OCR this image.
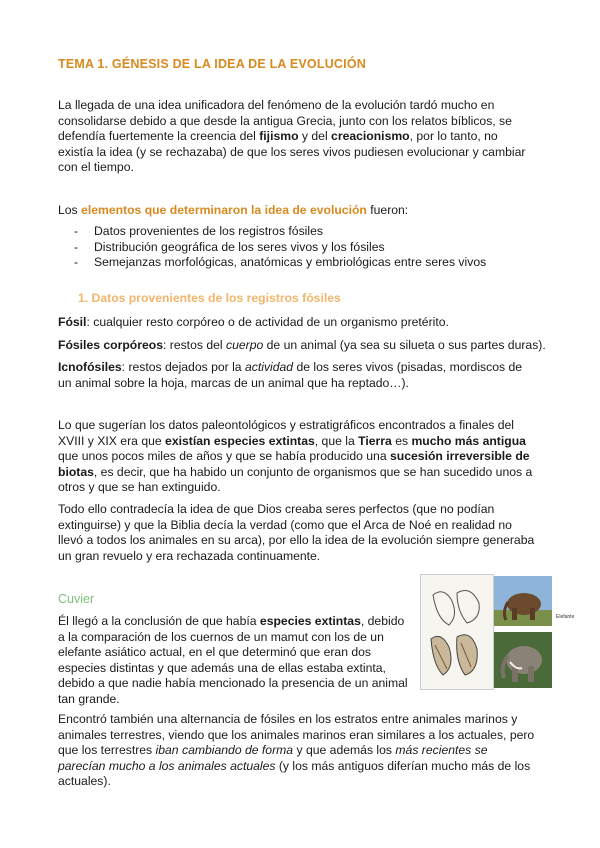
TEMA 1. GÉNESIS DE LA IDEA DE LA EVOLUCIÓN
La llegada de una idea unificadora del fenómeno de la evolución tardó mucho en consolidarse debido a que desde la antigua Grecia, junto con los relatos bíblicos, se defendía fuertemente la creencia del fijismo y del creacionismo, por lo tanto, no existía la idea (y se rechazaba) de que los seres vivos pudiesen evolucionar y cambiar con el tiempo.
Los elementos que determinaron la idea de evolución fueron:
- Datos provenientes de los registros fósiles
- Distribución geográfica de los seres vivos y los fósiles
- Semejanzas morfológicas, anatómicas y embriológicas entre seres vivos
1. Datos provenientes de los registros fósiles
Fósil: cualquier resto corpóreo o de actividad de un organismo pretérito.
Fósiles corpóreos: restos del cuerpo de un animal (ya sea su silueta o sus partes duras).
Icnofósiles: restos dejados por la actividad de los seres vivos (pisadas, mordiscos de un animal sobre la hoja, marcas de un animal que ha reptado…).
Lo que sugerían los datos paleontológicos y estratigráficos encontrados a finales del XVIII y XIX era que existían especies extintas, que la Tierra es mucho más antigua que unos pocos miles de años y que se había producido una sucesión irreversible de biotas, es decir, que ha habido un conjunto de organismos que se han sucedido unos a otros y que se han extinguido.
Todo ello contradecía la idea de que Dios creaba seres perfectos (que no podían extinguirse) y que la Biblia decía la verdad (como que el Arca de Noé en realidad no llevó a todos los animales en su arca), por ello la idea de la evolución siempre generaba un gran revuelo y era rechazada continuamente.
Cuvier
Él llegó a la conclusión de que había especies extintas, debido a la comparación de los cuernos de un mamut con los de un elefante asiático actual, en el que determinó que eran dos especies distintas y que además una de ellas estaba extinta, debido a que nadie había mencionado la presencia de un animal tan grande.
Elefante
Encontró también una alternancia de fósiles en los estratos entre animales marinos y animales terrestres, viendo que los animales marinos eran similares a los actuales, pero que los terrestres iban cambiando de forma y que además los más recientes se parecían mucho a los animales actuales (y los más antiguos diferían mucho más de los actuales).
